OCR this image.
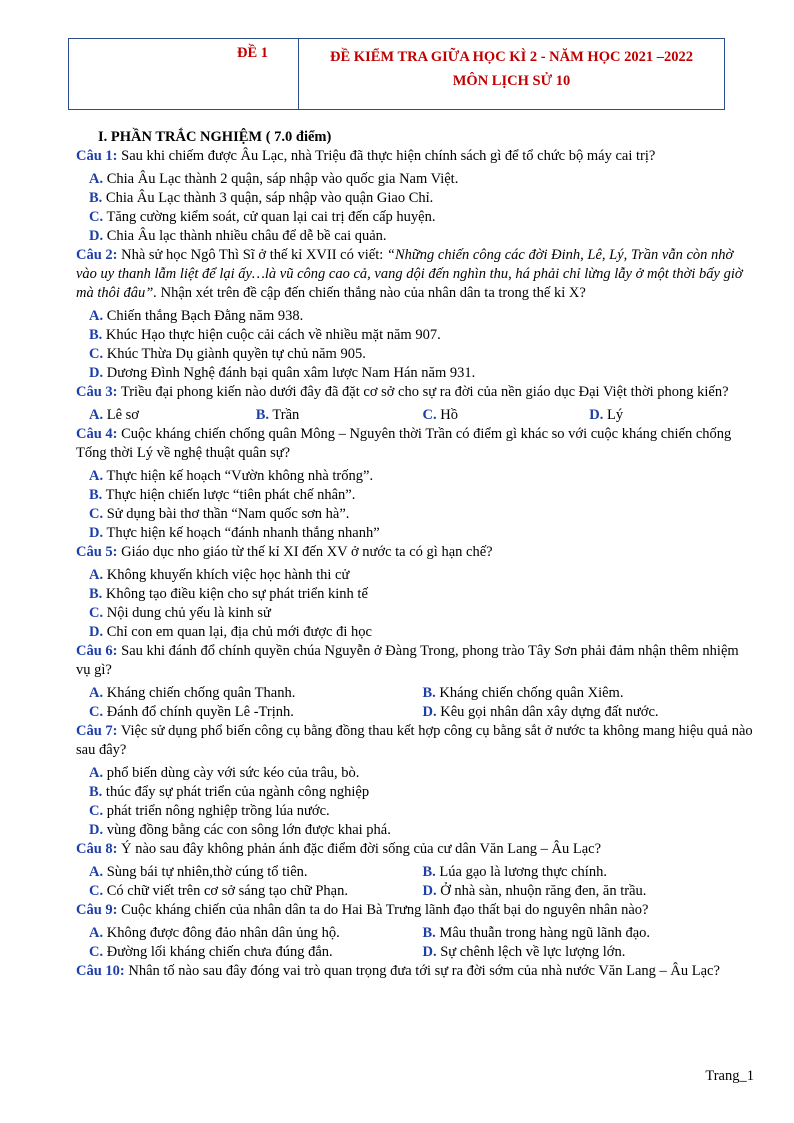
ĐỀ 1	ĐỀ KIỂM TRA GIỮA HỌC KÌ 2 - NĂM HỌC 2021 –2022
MÔN LỊCH SỬ 10
I. PHẦN TRẮC NGHIỆM ( 7.0 điểm)
Câu 1: Sau khi chiếm được Âu Lạc, nhà Triệu đã thực hiện chính sách gì để tổ chức bộ máy cai trị?
A. Chia Âu Lạc thành 2 quận, sáp nhập vào quốc gia Nam Việt.
B. Chia Âu Lạc thành 3 quận, sáp nhập vào quận Giao Chỉ.
C. Tăng cường kiểm soát, cử quan lại cai trị đến cấp huyện.
D. Chia Âu lạc thành nhiều châu để dễ bề cai quản.
Câu 2: Nhà sử học Ngô Thì Sĩ ở thế kỉ XVII có viết: “Những chiến công các đời Đinh, Lê, Lý, Trần vẫn còn nhờ vào uy thanh lẫm liệt để lại ấy…là vũ công cao cả, vang dội đến nghìn thu, há phải chỉ lừng lẫy ở một thời bấy giờ mà thôi đâu”. Nhận xét trên đề cập đến chiến thắng nào của nhân dân ta trong thế kỉ X?
A. Chiến thắng Bạch Đằng năm 938.
B. Khúc Hạo thực hiện cuộc cải cách về nhiều mặt năm 907.
C. Khúc Thừa Dụ giành quyền tự chủ năm 905.
D. Dương Đình Nghệ đánh bại quân xâm lược Nam Hán năm 931.
Câu 3: Triều đại phong kiến nào dưới đây đã đặt cơ sở cho sự ra đời của nền giáo dục Đại Việt thời phong kiến?
A. Lê sơ	B. Trần	C. Hồ	D. Lý
Câu 4: Cuộc kháng chiến chống quân Mông – Nguyên thời Trần có điểm gì khác so với cuộc kháng chiến chống Tống thời Lý về nghệ thuật quân sự?
A. Thực hiện kế hoạch “Vườn không nhà trống”.
B. Thực hiện chiến lược “tiên phát chế nhân”.
C. Sử dụng bài thơ thần “Nam quốc sơn hà”.
D. Thực hiện kế hoạch “đánh nhanh thắng nhanh”
Câu 5: Giáo dục nho giáo từ thế kỉ XI đến XV ở nước ta có gì hạn chế?
A. Không khuyến khích việc học hành thi cử
B. Không tạo điều kiện cho sự phát triển kinh tế
C. Nội dung chủ yếu là kinh sử
D. Chỉ con em quan lại, địa chủ mới được đi học
Câu 6: Sau khi đánh đổ chính quyền chúa Nguyễn ở Đàng Trong, phong trào Tây Sơn phải đảm nhận thêm nhiệm vụ gì?
A. Kháng chiến chống quân Thanh.	B. Kháng chiến chống quân Xiêm.
C. Đánh đổ chính quyền Lê -Trịnh.	D. Kêu gọi nhân dân xây dựng đất nước.
Câu 7: Việc sử dụng phổ biến công cụ bằng đồng thau kết hợp công cụ bằng sắt ở nước ta không mang hiệu quả nào sau đây?
A. phổ biến dùng cày với sức kéo của trâu, bò.
B. thúc đẩy sự phát triển của ngành công nghiệp
C. phát triển nông nghiệp trồng lúa nước.
D. vùng đồng bằng các con sông lớn được khai phá.
Câu 8: Ý nào sau đây không phản ánh đặc điểm đời sống của cư dân Văn Lang – Âu Lạc?
A. Sùng bái tự nhiên,thờ cúng tổ tiên.	B. Lúa gạo là lương thực chính.
C. Có chữ viết trên cơ sở sáng tạo chữ Phạn.	D. Ở nhà sàn, nhuộn răng đen, ăn trầu.
Câu 9: Cuộc kháng chiến của nhân dân ta do Hai Bà Trưng lãnh đạo thất bại do nguyên nhân nào?
A. Không được đông đảo nhân dân ủng hộ.	B. Mâu thuẫn trong hàng ngũ lãnh đạo.
C. Đường lối kháng chiến chưa đúng đắn.	D. Sự chênh lệch về lực lượng lớn.
Câu 10: Nhân tố nào sau đây đóng vai trò quan trọng đưa tới sự ra đời sớm của nhà nước Văn Lang – Âu Lạc?
Trang_1
